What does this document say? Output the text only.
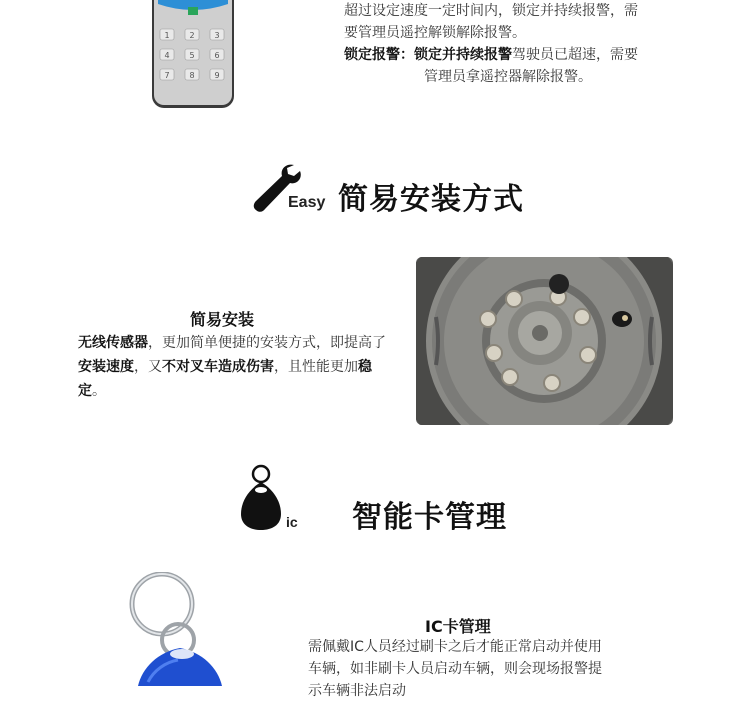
1 2 3
4 5 6
7 8 9

超过设定速度一定时间内，锁定并持续报警，需

要管理员遥控解锁解除报警。

锁定报警：锁定并持续报警驾驶员已超速，需要

管理员拿遥控器解除报警。

Easy 简易安装方式
简易安装
无线传感器，更加简单便捷的安装方式，即提高了安装速度，又不对叉车造成伤害，且性能更加稳定。
ic 智能卡管理
IC卡管理
需佩戴IC人员经过刷卡之后才能正常启动并使用
车辆，如非刷卡人员启动车辆，则会现场报警提
示车辆非法启动
